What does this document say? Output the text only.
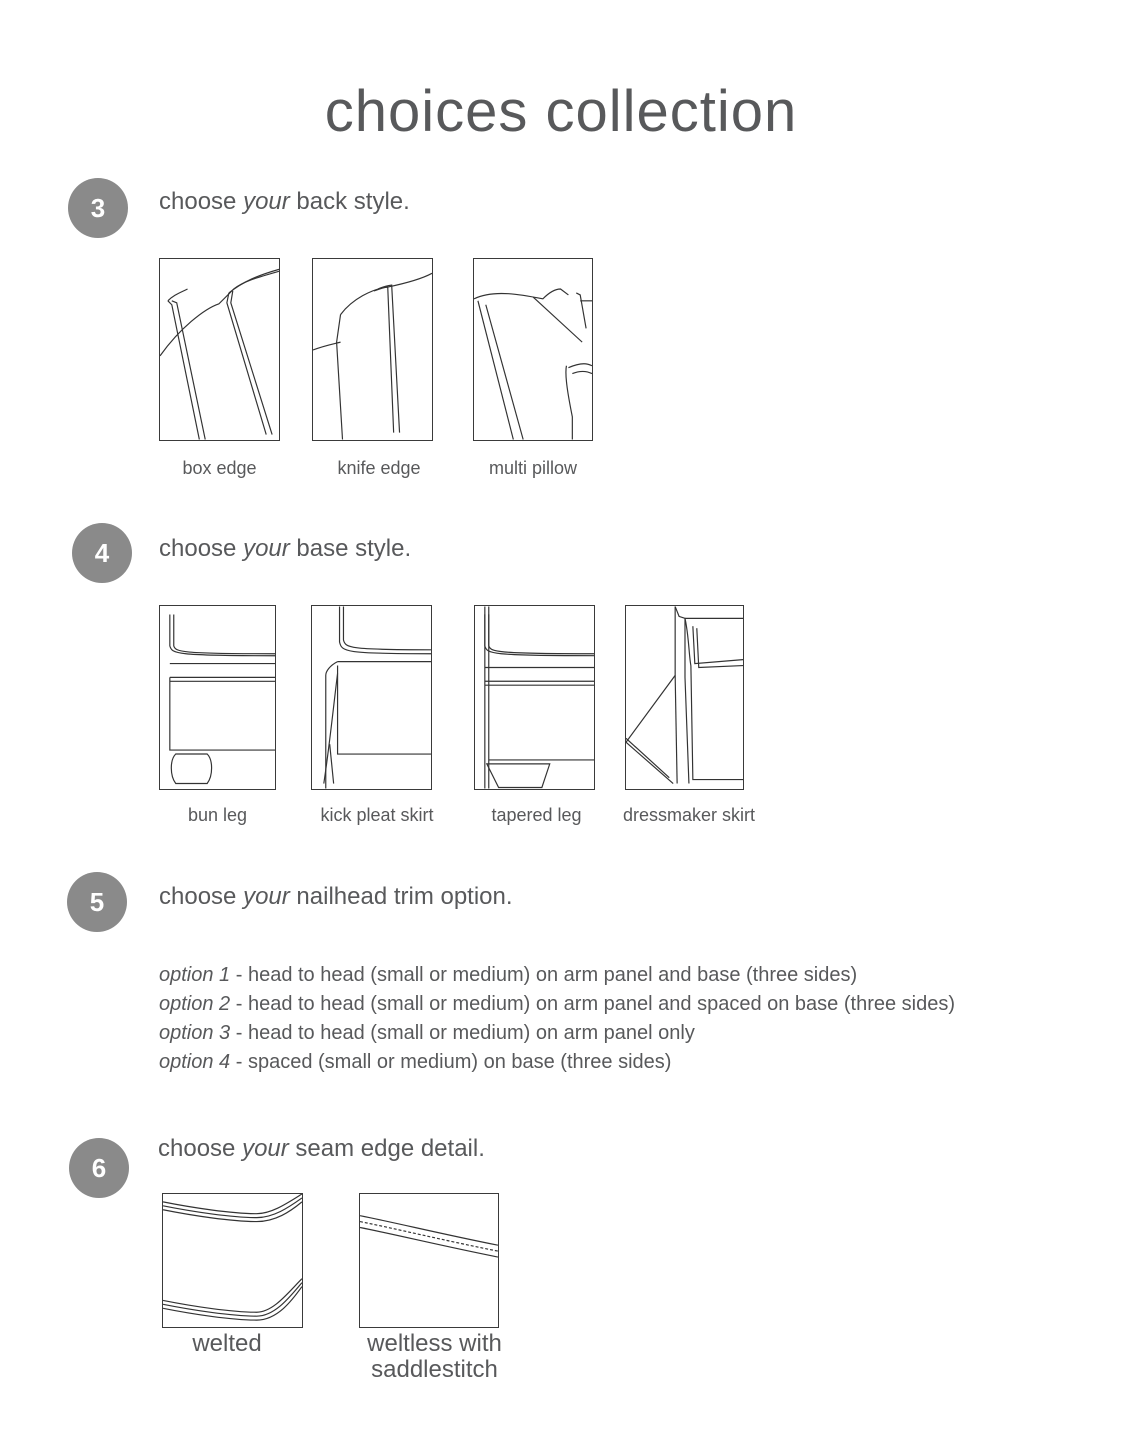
choices collection
3 choose your back style.
box edge	knife edge	multi pillow
4 choose your base style.
bun leg	kick pleat skirt	tapered leg	dressmaker skirt
5 choose your nailhead trim option.
option 1 - head to head (small or medium) on arm panel and base (three sides)
option 2 - head to head (small or medium) on arm panel and spaced on base (three sides)
option 3 - head to head (small or medium) on arm panel only
option 4 - spaced (small or medium) on base (three sides)
6
choose your seam edge detail.
welted	weltless with
saddlestitch
